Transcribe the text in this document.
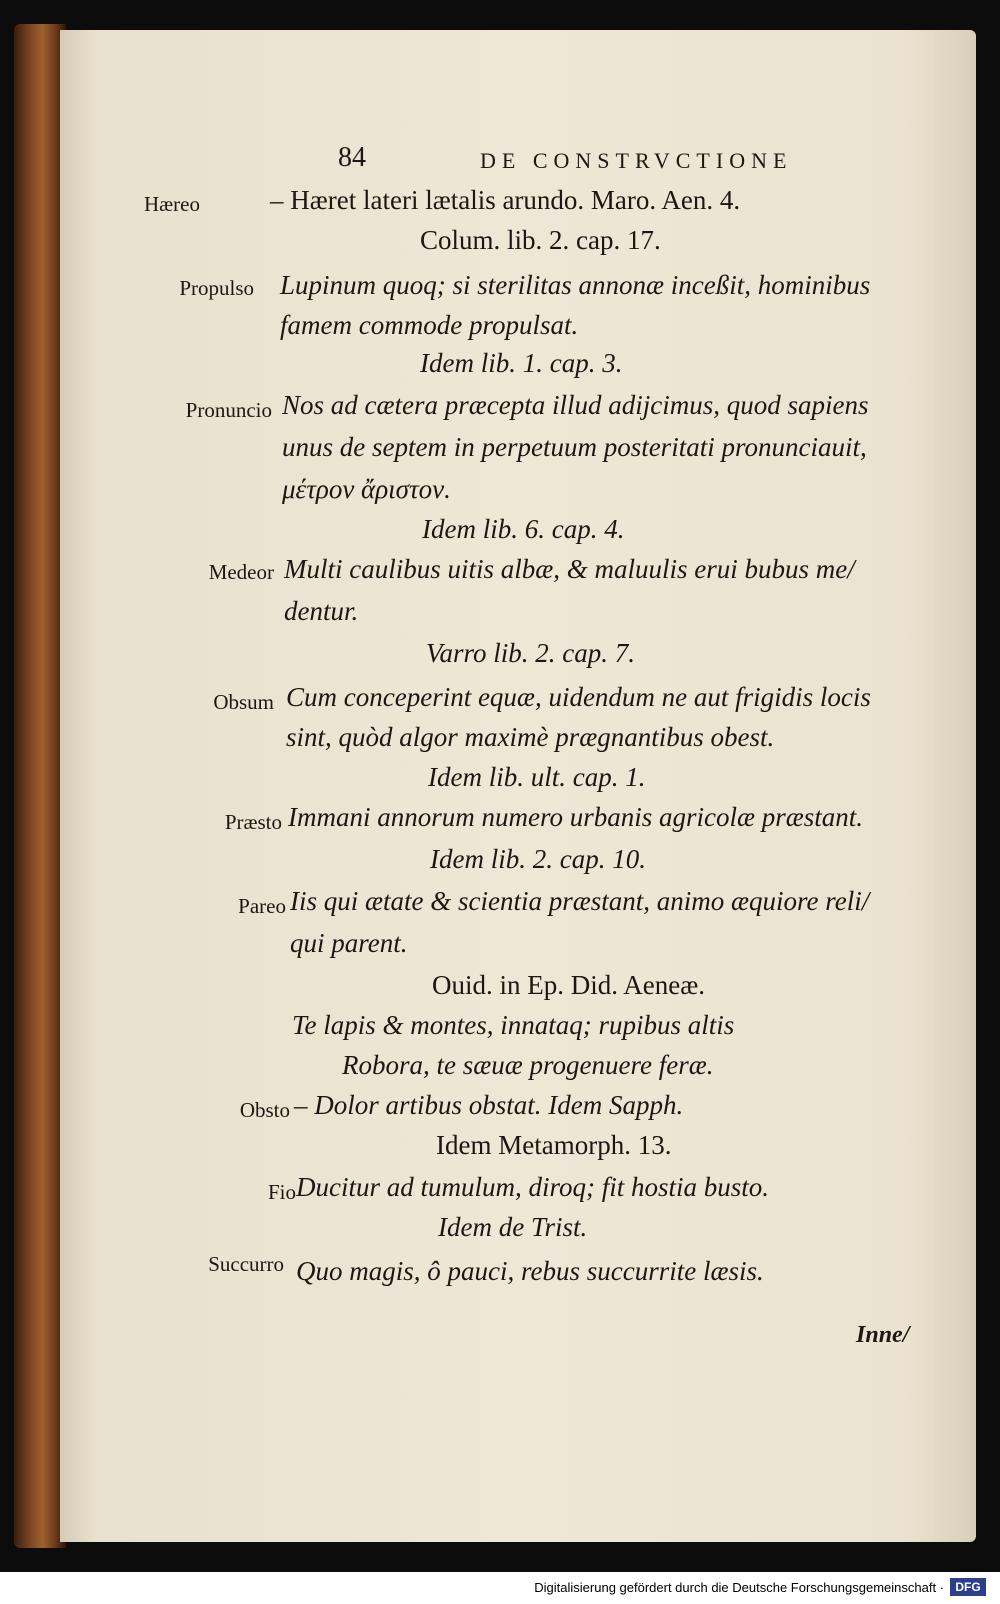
84	DE CONSTRVCTIONE
Hæreo	– Hæret lateri lætalis arundo. Maro. Aen. 4.
Colum. lib. 2. cap. 17.
Propulso Lupinum quoq; si sterilitas annonæ inceßit, hominibus
famem commode propulsat.
Idem lib. 1. cap. 3.
Pronuncio Nos ad cætera præcepta illud adijcimus, quod sapiens
unus de septem in perpetuum posteritati pronunciauit,
μέτρον ἄριστον.
Idem lib. 6. cap. 4.
Medeor Multi caulibus uitis albæ, & maluulis erui bubus me/
dentur.
Varro lib. 2. cap. 7.
Obsum Cum conceperint equæ, uidendum ne aut frigidis locis
sint, quòd algor maximè prægnantibus obest.
Idem lib. ult. cap. 1.
Præsto Immani annorum numero urbanis agricolæ præstant.
Idem lib. 2. cap. 10.
Pareo Iis qui ætate & scientia præstant, animo æquiore reli/
qui parent.
Ouid. in Ep. Did. Aeneæ.
Te lapis & montes, innataq; rupibus altis
Robora, te sæuæ progenuere feræ.
Obsto – Dolor artibus obstat. Idem Sapph.
Idem Metamorph. 13.
Fio Ducitur ad tumulum, diroq; fit hostia busto.
Idem de Trist.
Succurro Quo magis, ô pauci, rebus succurrite læsis.
Inne/
Digitalisierung gefördert durch die Deutsche Forschungsgemeinschaft · DFG
